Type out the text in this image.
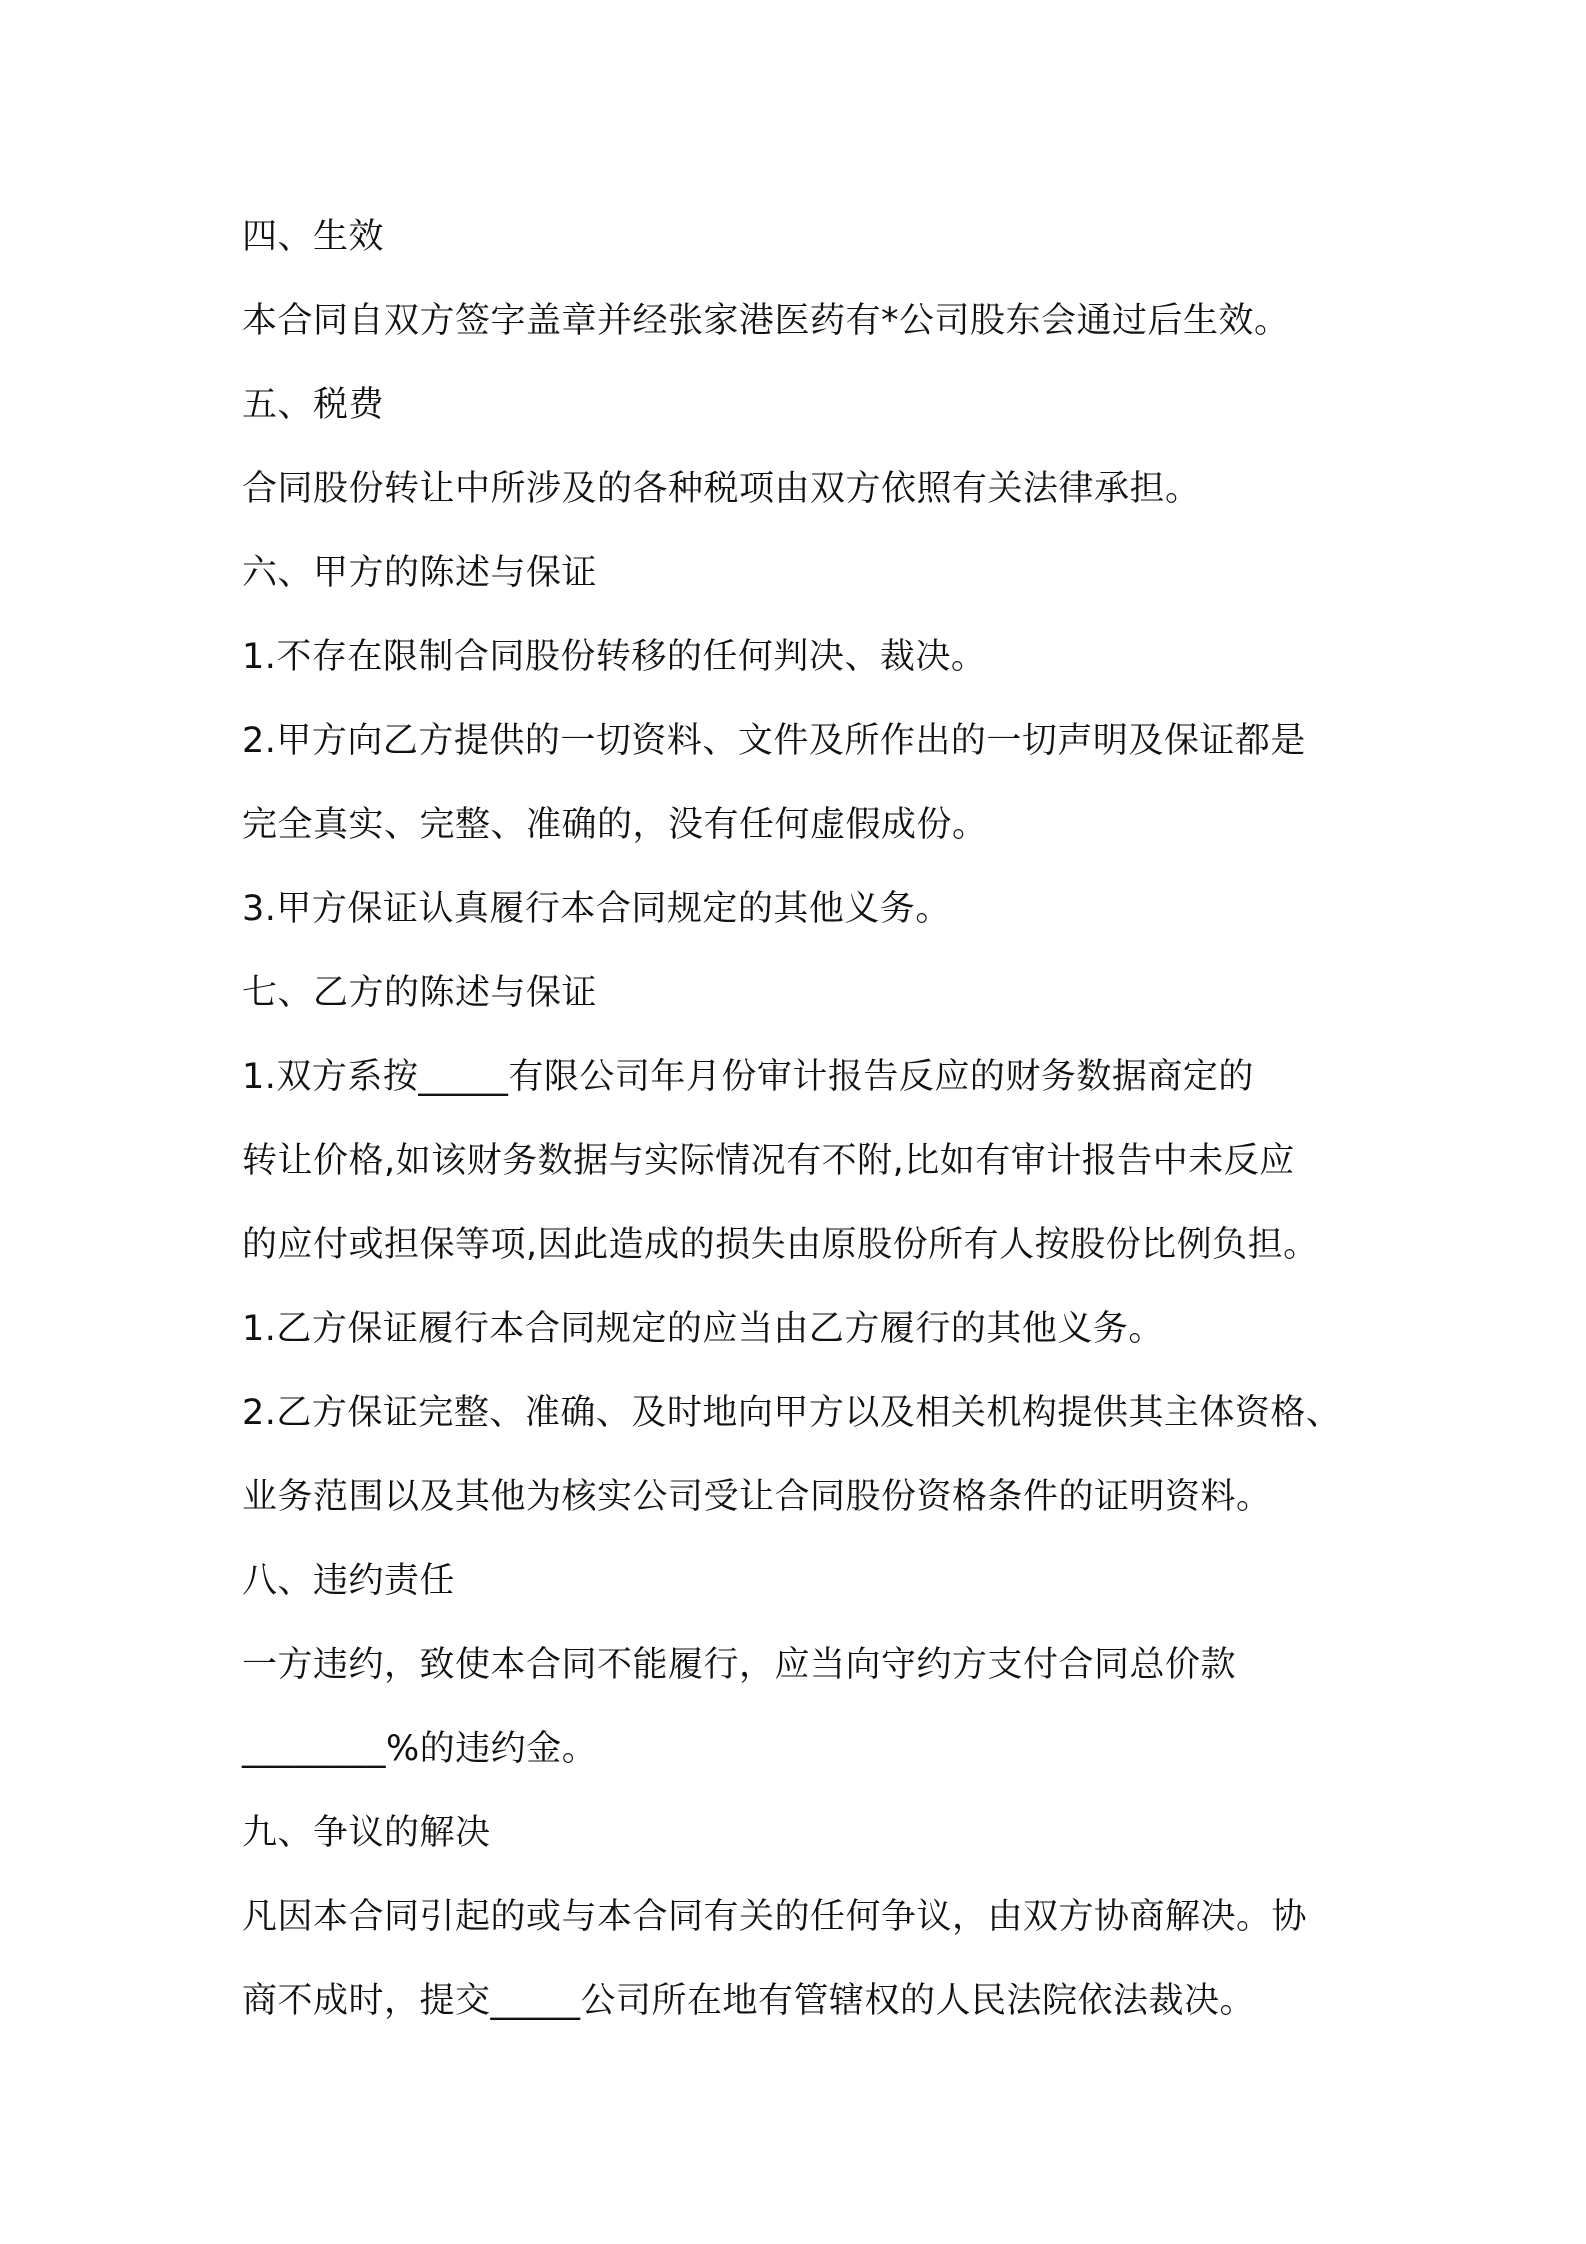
四、生效
本合同自双方签字盖章并经张家港医药有*公司股东会通过后生效。
五、税费
合同股份转让中所涉及的各种税项由双方依照有关法律承担。
六、甲方的陈述与保证
1.不存在限制合同股份转移的任何判决、裁决。
2.甲方向乙方提供的一切资料、文件及所作出的一切声明及保证都是
完全真实、完整、准确的，没有任何虚假成份。
3.甲方保证认真履行本合同规定的其他义务。
七、乙方的陈述与保证
1.双方系按_____有限公司年月份审计报告反应的财务数据商定的
转让价格,如该财务数据与实际情况有不附,比如有审计报告中未反应
的应付或担保等项,因此造成的损失由原股份所有人按股份比例负担。
1.乙方保证履行本合同规定的应当由乙方履行的其他义务。
2.乙方保证完整、准确、及时地向甲方以及相关机构提供其主体资格、
业务范围以及其他为核实公司受让合同股份资格条件的证明资料。
八、违约责任
一方违约，致使本合同不能履行，应当向守约方支付合同总价款
________%的违约金。
九、争议的解决
凡因本合同引起的或与本合同有关的任何争议，由双方协商解决。协
商不成时，提交_____公司所在地有管辖权的人民法院依法裁决。
